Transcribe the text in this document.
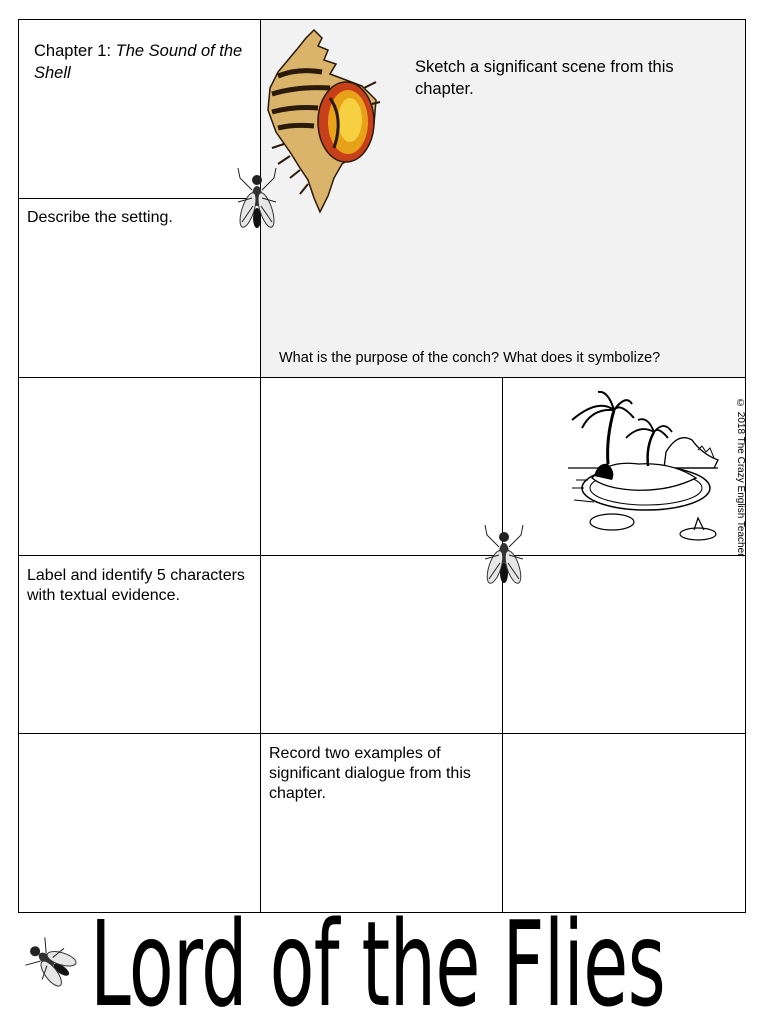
Chapter 1: The Sound of the Shell	Sketch a significant scene from this chapter.
Describe the setting.
What is the purpose of the conch? What does it symbolize?
Label and identify 5 characters with textual evidence.
Record two examples of significant dialogue from this chapter.
© 2018 The Crazy English Teacher
Lord of the Flies
